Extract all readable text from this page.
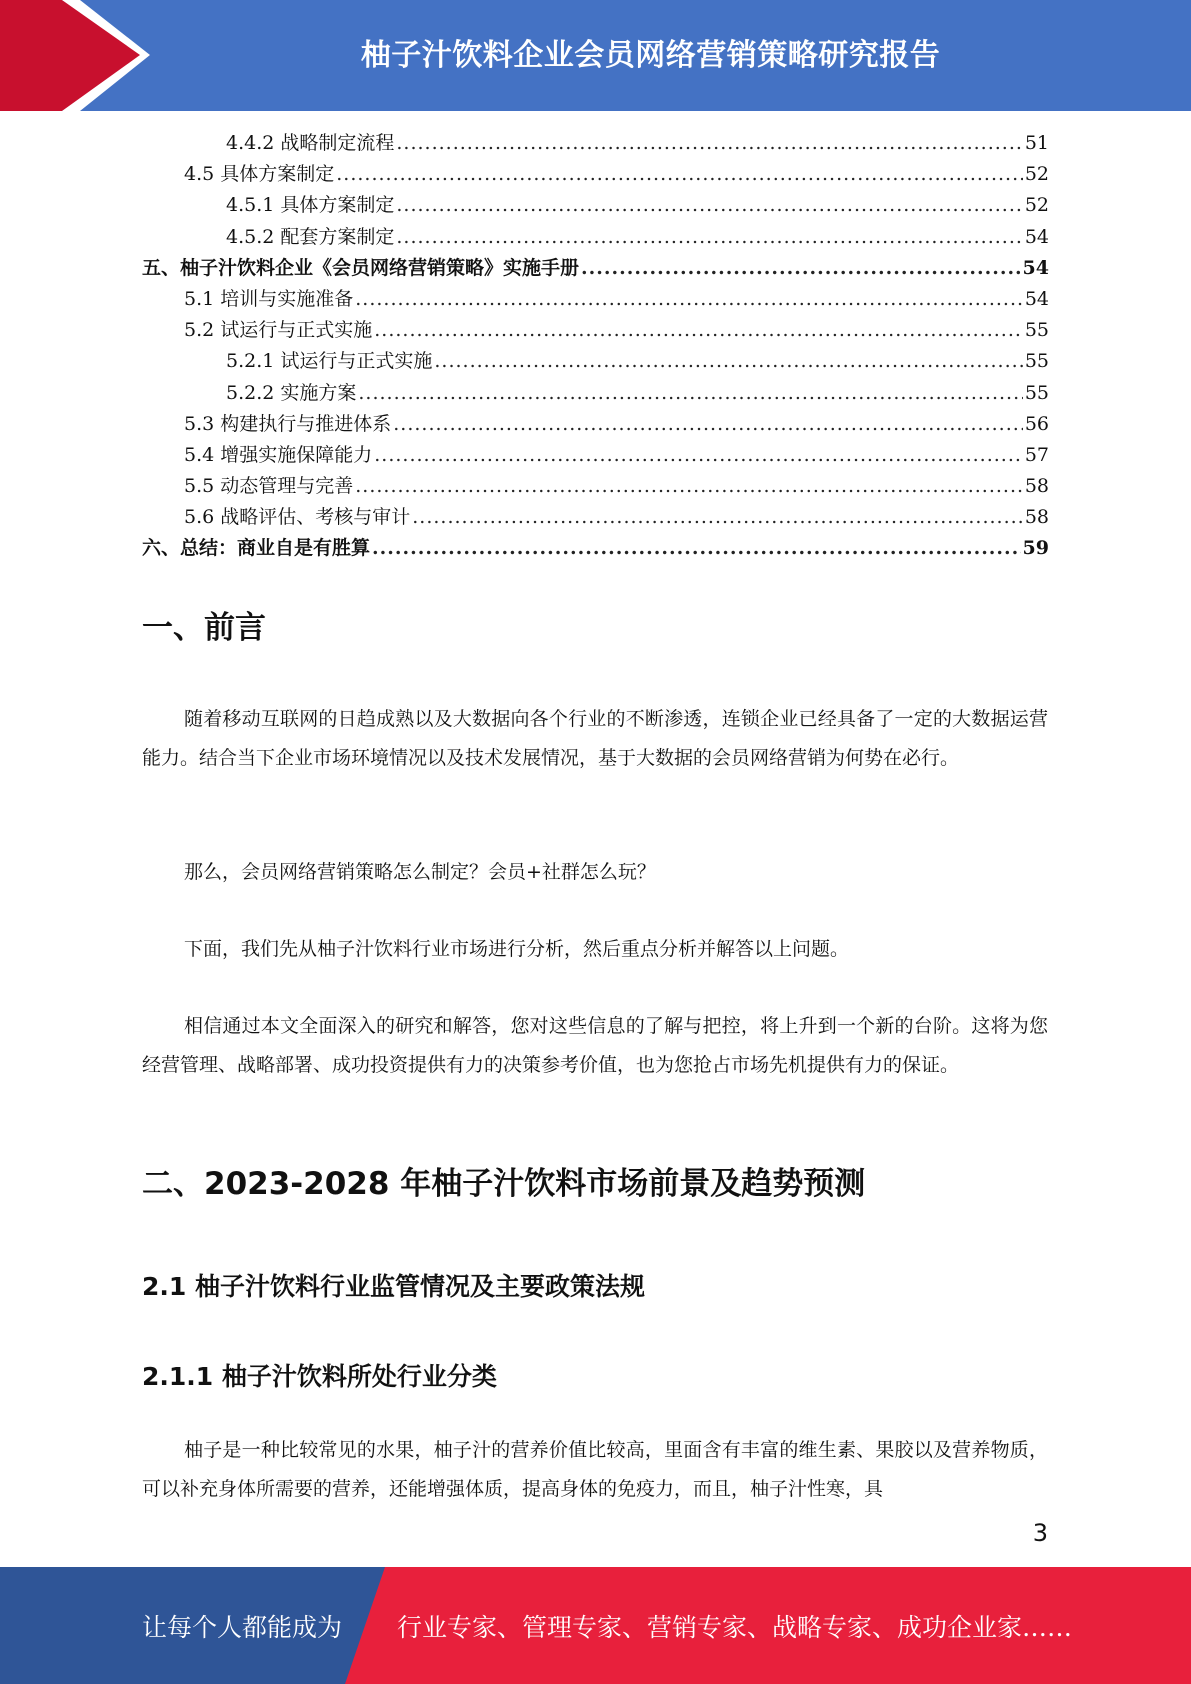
柚子汁饮料企业会员网络营销策略研究报告
4.4.2 战略制定流程 .....	51
4.5 具体方案制定 .....	52
4.5.1 具体方案制定 .....	52
4.5.2 配套方案制定 .....	54
五、柚子汁饮料企业《会员网络营销策略》实施手册 .....	54
5.1 培训与实施准备 .....	54
5.2 试运行与正式实施 .....	55
5.2.1 试运行与正式实施 .....	55
5.2.2 实施方案 .....	55
5.3 构建执行与推进体系 .....	56
5.4 增强实施保障能力 .....	57
5.5 动态管理与完善 .....	58
5.6 战略评估、考核与审计 .....	58
六、总结：商业自是有胜算 .....	59
一、前言

随着移动互联网的日趋成熟以及大数据向各个行业的不断渗透，连锁企业已经具备了一定的大数据运营能力。结合当下企业市场环境情况以及技术发展情况，基于大数据的会员网络营销为何势在必行。

那么，会员网络营销策略怎么制定？会员+社群怎么玩？

下面，我们先从柚子汁饮料行业市场进行分析，然后重点分析并解答以上问题。

相信通过本文全面深入的研究和解答，您对这些信息的了解与把控，将上升到一个新的台阶。这将为您经营管理、战略部署、成功投资提供有力的决策参考价值，也为您抢占市场先机提供有力的保证。

二、2023-2028 年柚子汁饮料市场前景及趋势预测
2.1 柚子汁饮料行业监管情况及主要政策法规
2.1.1 柚子汁饮料所处行业分类

柚子是一种比较常见的水果，柚子汁的营养价值比较高，里面含有丰富的维生素、果胶以及营养物质，可以补充身体所需要的营养，还能增强体质，提高身体的免疫力，而且，柚子汁性寒，具

3
让每个人都能成为 行业专家、管理专家、营销专家、战略专家、成功企业家……
